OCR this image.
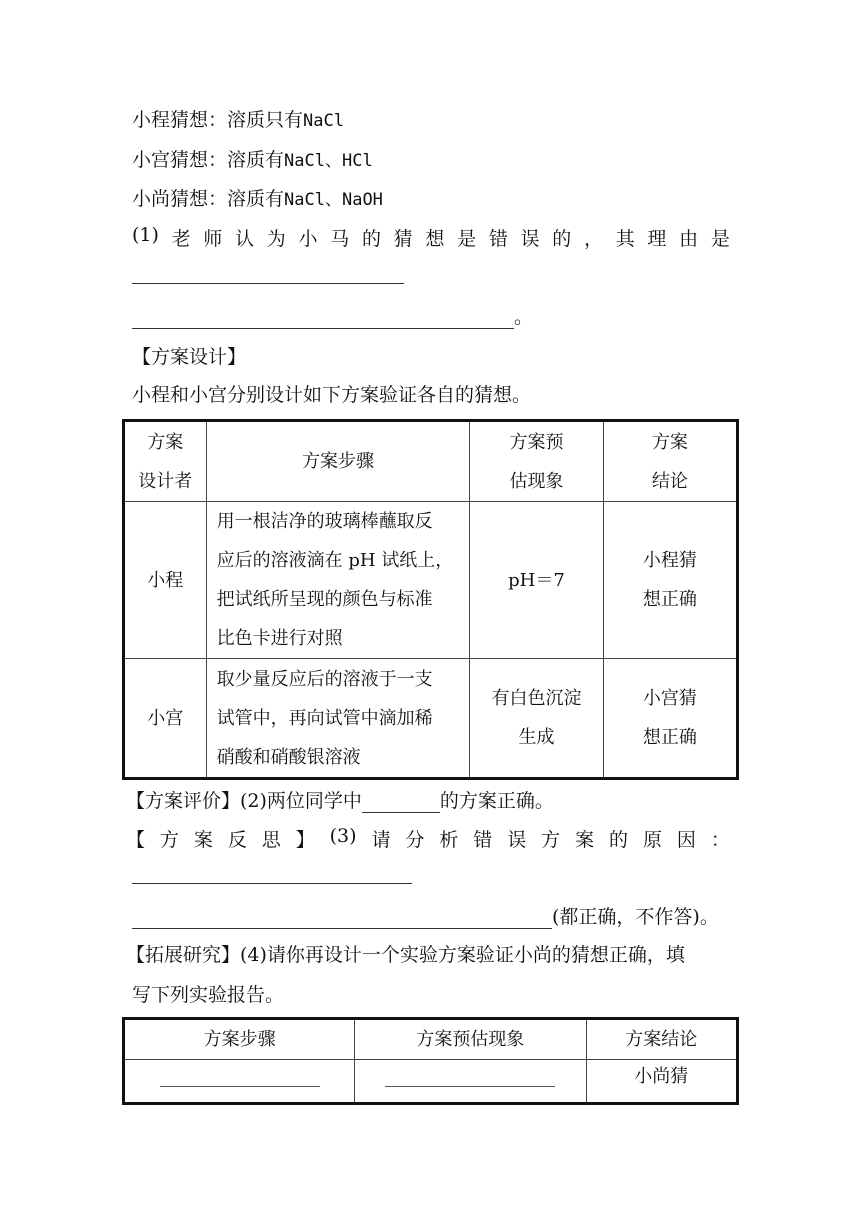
小程猜想：溶质只有NaCl
小宫猜想：溶质有NaCl、HCl
小尚猜想：溶质有NaCl、NaOH
(1) 老 师 认 为 小 马 的 猜 想 是 错 误 的 ， 其 理 由 是
。
【方案设计】
小程和小宫分别设计如下方案验证各自的猜想。
方案
设计者	方案步骤	方案预
估现象	方案
结论
小程	用一根洁净的玻璃棒蘸取反
应后的溶液滴在 pH 试纸上，
把试纸所呈现的颜色与标准
比色卡进行对照	pH＝7	小程猜
想正确
小宫	取少量反应后的溶液于一支
试管中，再向试管中滴加稀
硝酸和硝酸银溶液	有白色沉淀
生成	小宫猜
想正确
【方案评价】(2)两位同学中	的方案正确。
【 方 案 反 思 】 (3) 请 分 析 错 误 方 案 的 原 因 ：
(都正确，不作答)。
【拓展研究】(4)请你再设计一个实验方案验证小尚的猜想正确，填
写下列实验报告。
方案步骤	方案预估现象	方案结论
		小尚猜
